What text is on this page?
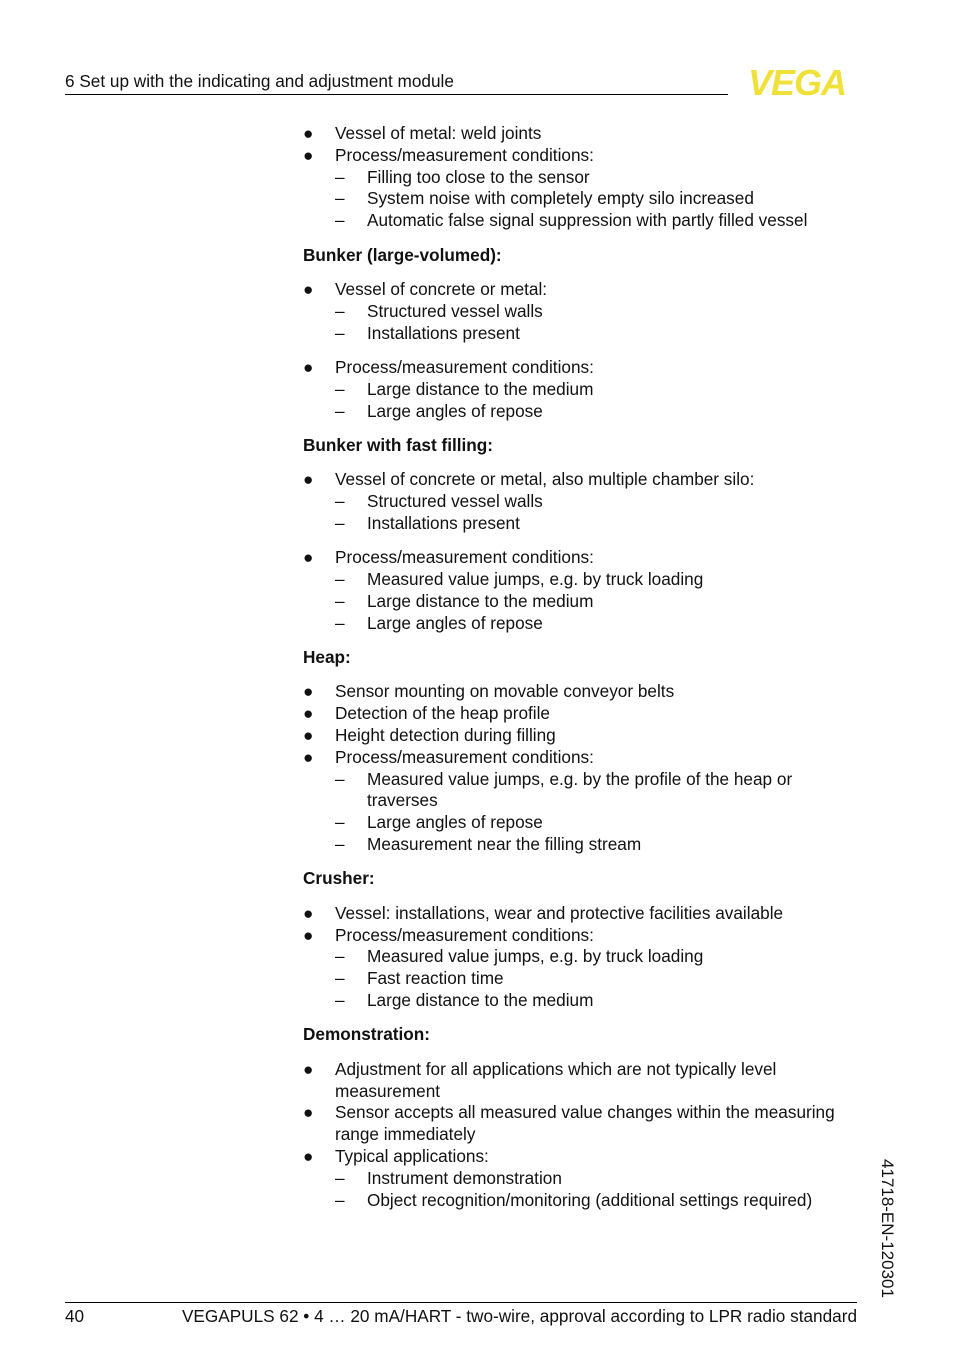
6 Set up with the indicating and adjustment module	VEGA
● Vessel of metal: weld joints
● Process/measurement conditions:
– Filling too close to the sensor
– System noise with completely empty silo increased
– Automatic false signal suppression with partly filled vessel
Bunker (large-volumed):
● Vessel of concrete or metal:
– Structured vessel walls
– Installations present
● Process/measurement conditions:
– Large distance to the medium
– Large angles of repose
Bunker with fast filling:
● Vessel of concrete or metal, also multiple chamber silo:
– Structured vessel walls
– Installations present
● Process/measurement conditions:
– Measured value jumps, e.g. by truck loading
– Large distance to the medium
– Large angles of repose
Heap:
● Sensor mounting on movable conveyor belts
● Detection of the heap profile
● Height detection during filling
● Process/measurement conditions:
– Measured value jumps, e.g. by the profile of the heap or
traverses
– Large angles of repose
– Measurement near the filling stream
Crusher:
● Vessel: installations, wear and protective facilities available
● Process/measurement conditions:
– Measured value jumps, e.g. by truck loading
– Fast reaction time
– Large distance to the medium
Demonstration:
● Adjustment for all applications which are not typically level
measurement
● Sensor accepts all measured value changes within the measuring
range immediately
● Typical applications:
– Instrument demonstration
– Object recognition/monitoring (additional settings required)	41718-EN-120301
40	VEGAPULS 62 • 4 … 20 mA/HART - two-wire, approval according to LPR radio standard
